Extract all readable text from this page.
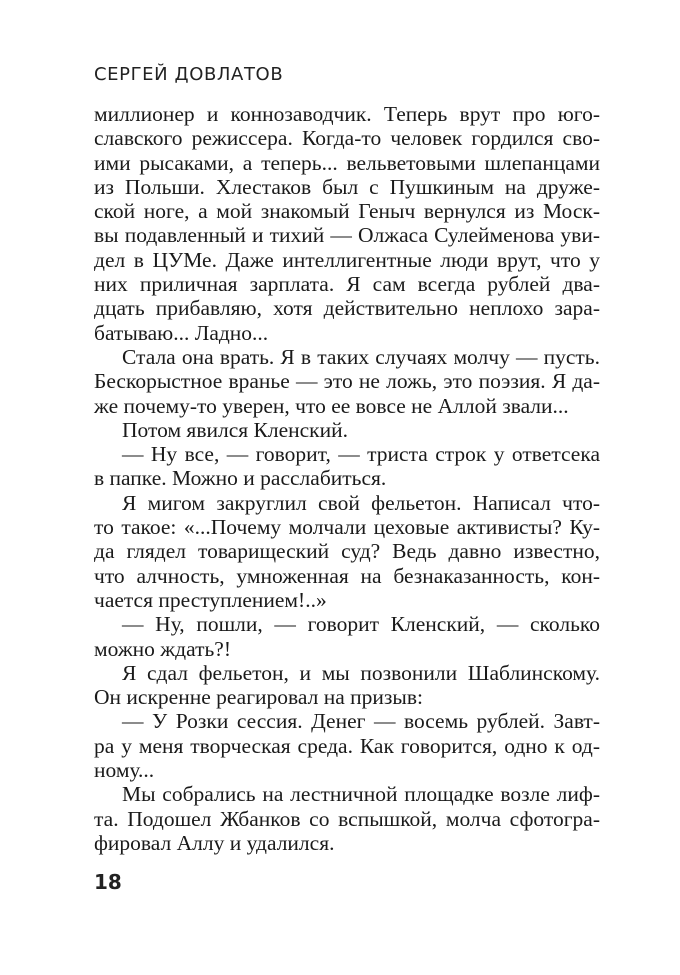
СЕРГЕЙ ДОВЛАТОВ
миллионер и коннозаводчик. Теперь врут про юго-
славского режиссера. Когда-то человек гордился сво-
ими рысаками, а теперь... вельветовыми шлепанцами
из Польши. Хлестаков был с Пушкиным на друже-
ской ноге, а мой знакомый Геныч вернулся из Моск-
вы подавленный и тихий — Олжаса Сулейменова уви-
дел в ЦУМе. Даже интеллигентные люди врут, что у
них приличная зарплата. Я сам всегда рублей два-
дцать прибавляю, хотя действительно неплохо зара-
батываю... Ладно...
Стала она врать. Я в таких случаях молчу — пусть.
Бескорыстное вранье — это не ложь, это поэзия. Я да-
же почему-то уверен, что ее вовсе не Аллой звали...
Потом явился Кленский.
— Ну все, — говорит, — триста строк у ответсека
в папке. Можно и расслабиться.
Я мигом закруглил свой фельетон. Написал что-
то такое: «...Почему молчали цеховые активисты? Ку-
да глядел товарищеский суд? Ведь давно известно,
что алчность, умноженная на безнаказанность, кон-
чается преступлением!..»
— Ну, пошли, — говорит Кленский, — сколько
можно ждать?!
Я сдал фельетон, и мы позвонили Шаблинскому.
Он искренне реагировал на призыв:
— У Розки сессия. Денег — восемь рублей. Завт-
ра у меня творческая среда. Как говорится, одно к од-
ному...
Мы собрались на лестничной площадке возле лиф-
та. Подошел Жбанков со вспышкой, молча сфотогра-
фировал Аллу и удалился.
18
